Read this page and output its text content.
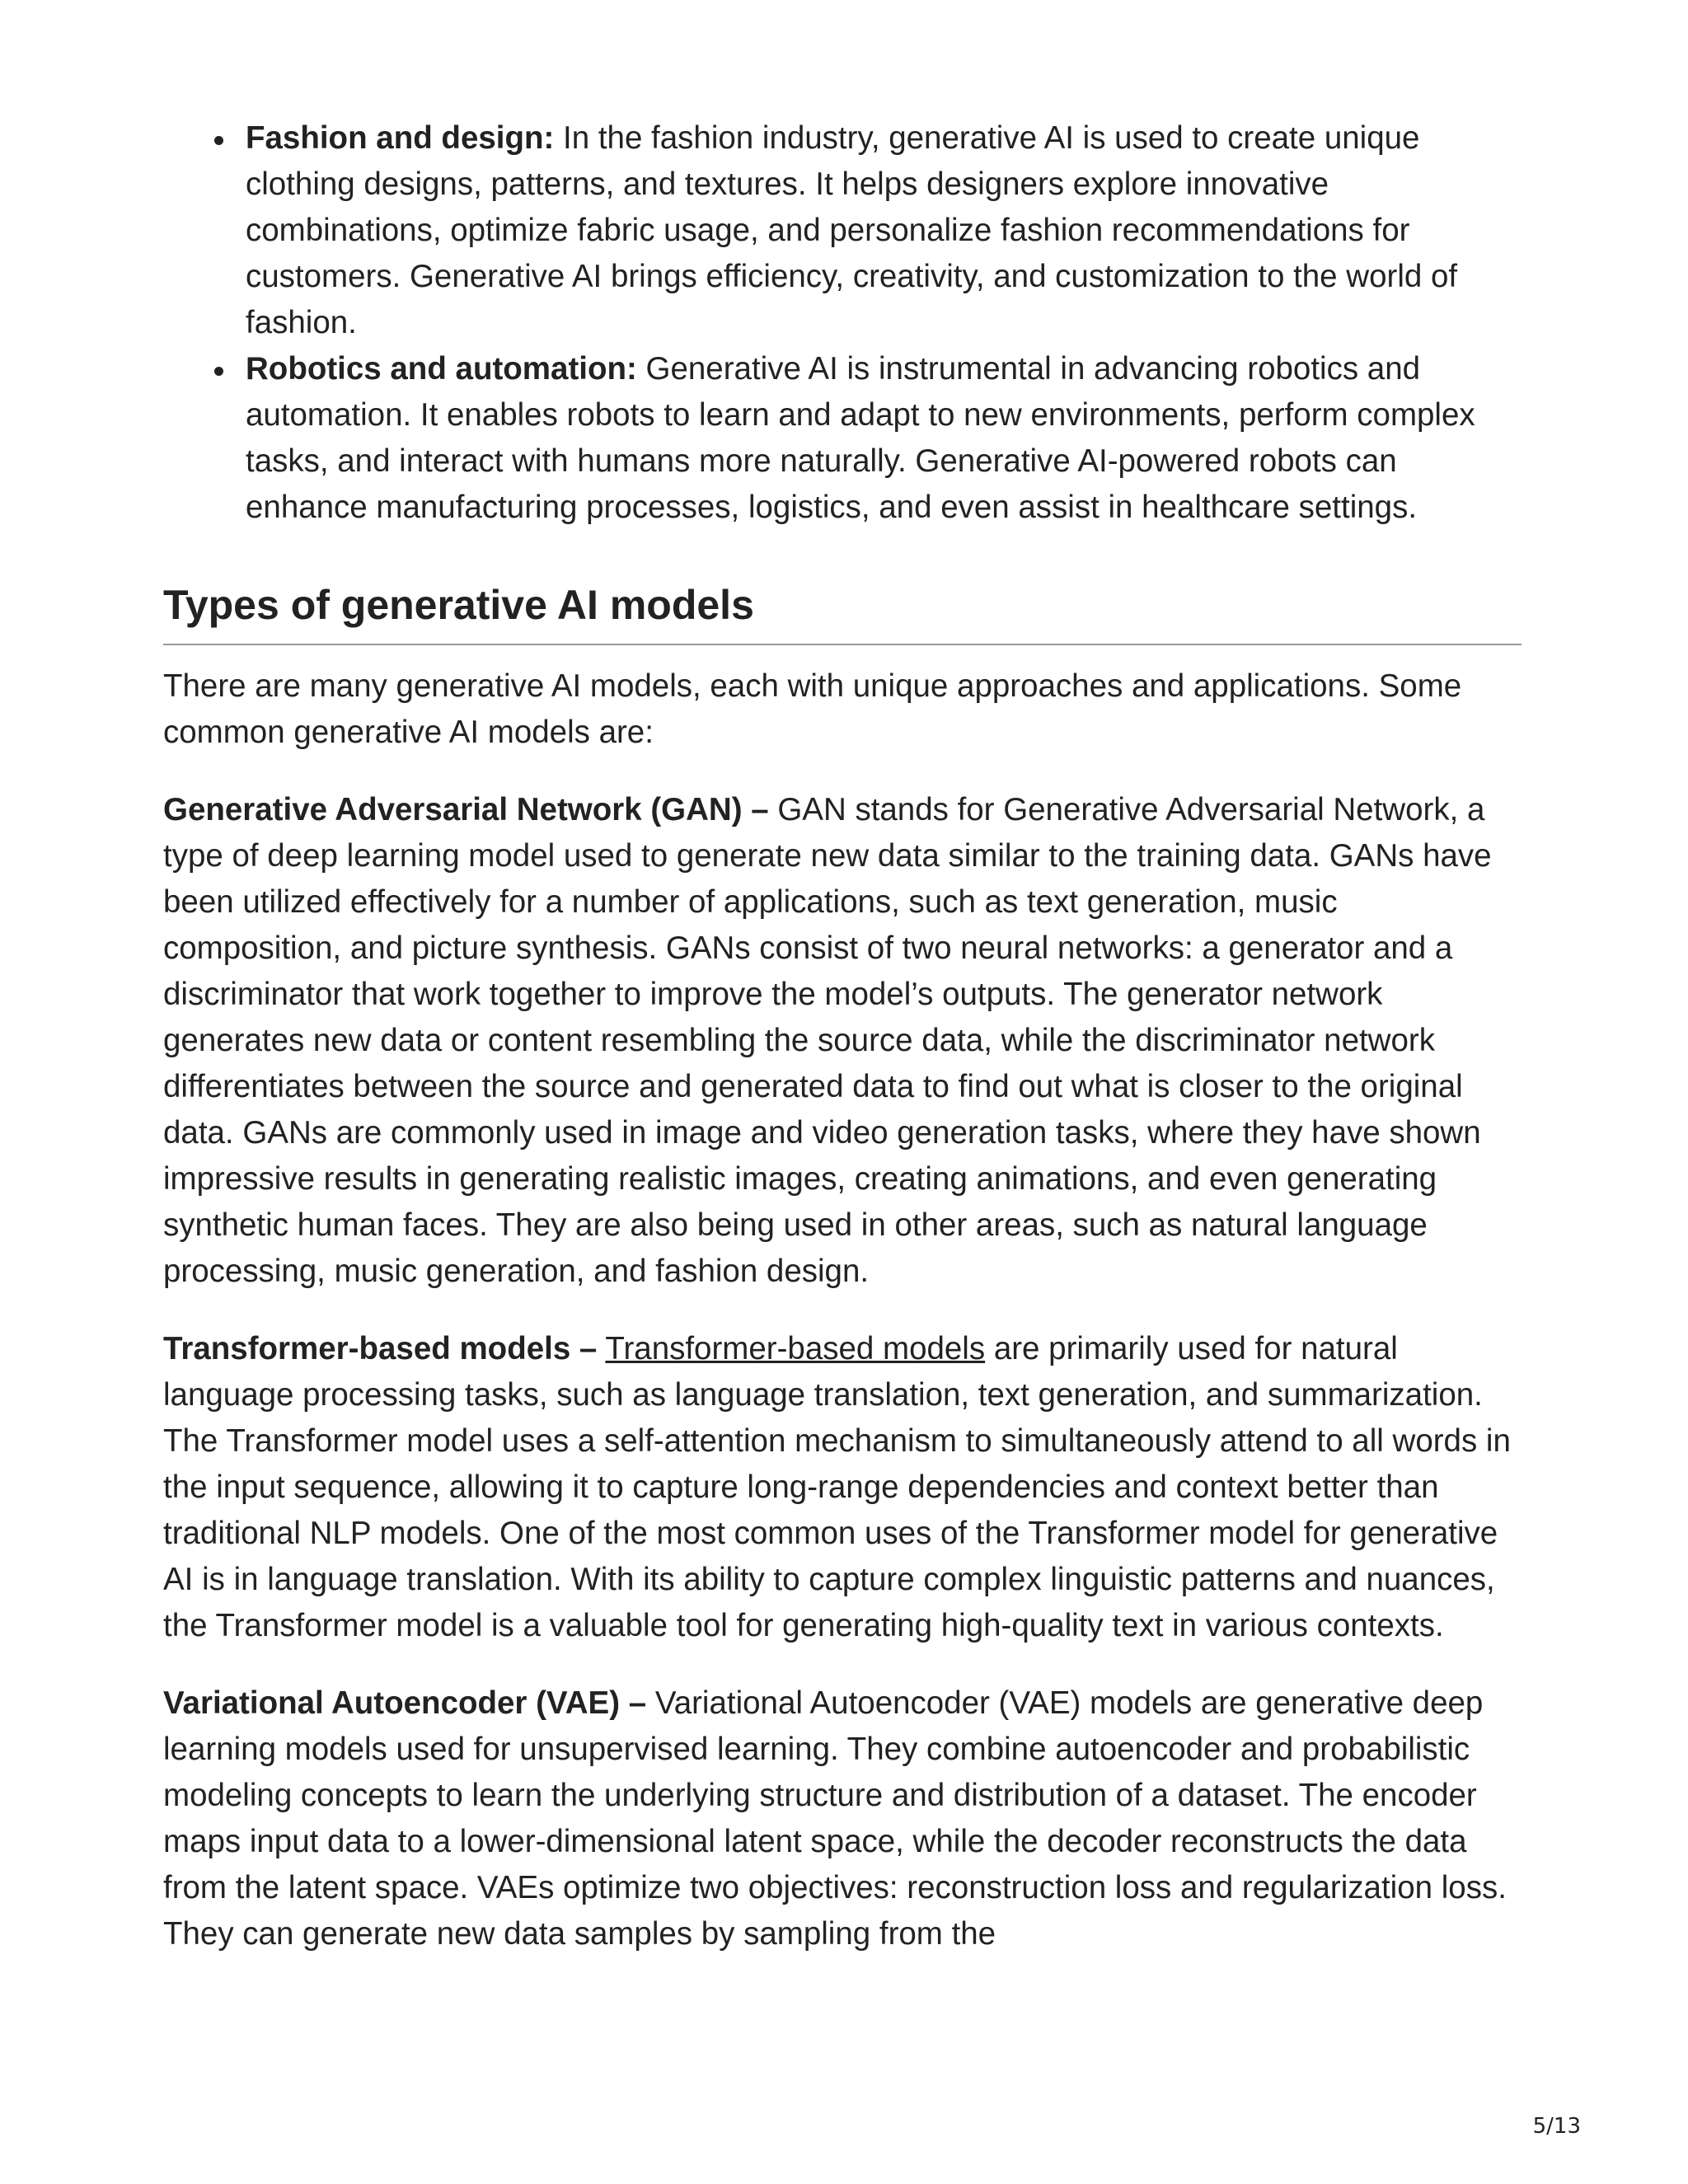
Fashion and design: In the fashion industry, generative AI is used to create unique clothing designs, patterns, and textures. It helps designers explore innovative combinations, optimize fabric usage, and personalize fashion recommendations for customers. Generative AI brings efficiency, creativity, and customization to the world of fashion.
Robotics and automation: Generative AI is instrumental in advancing robotics and automation. It enables robots to learn and adapt to new environments, perform complex tasks, and interact with humans more naturally. Generative AI-powered robots can enhance manufacturing processes, logistics, and even assist in healthcare settings.
Types of generative AI models

There are many generative AI models, each with unique approaches and applications. Some common generative AI models are:

Generative Adversarial Network (GAN) – GAN stands for Generative Adversarial Network, a type of deep learning model used to generate new data similar to the training data. GANs have been utilized effectively for a number of applications, such as text generation, music composition, and picture synthesis. GANs consist of two neural networks: a generator and a discriminator that work together to improve the model’s outputs. The generator network generates new data or content resembling the source data, while the discriminator network differentiates between the source and generated data to find out what is closer to the original data. GANs are commonly used in image and video generation tasks, where they have shown impressive results in generating realistic images, creating animations, and even generating synthetic human faces. They are also being used in other areas, such as natural language processing, music generation, and fashion design.

Transformer-based models – Transformer-based models are primarily used for natural language processing tasks, such as language translation, text generation, and summarization. The Transformer model uses a self-attention mechanism to simultaneously attend to all words in the input sequence, allowing it to capture long-range dependencies and context better than traditional NLP models. One of the most common uses of the Transformer model for generative AI is in language translation. With its ability to capture complex linguistic patterns and nuances, the Transformer model is a valuable tool for generating high-quality text in various contexts.

Variational Autoencoder (VAE) – Variational Autoencoder (VAE) models are generative deep learning models used for unsupervised learning. They combine autoencoder and probabilistic modeling concepts to learn the underlying structure and distribution of a dataset. The encoder maps input data to a lower-dimensional latent space, while the decoder reconstructs the data from the latent space. VAEs optimize two objectives: reconstruction loss and regularization loss. They can generate new data samples by sampling from the

5/13
